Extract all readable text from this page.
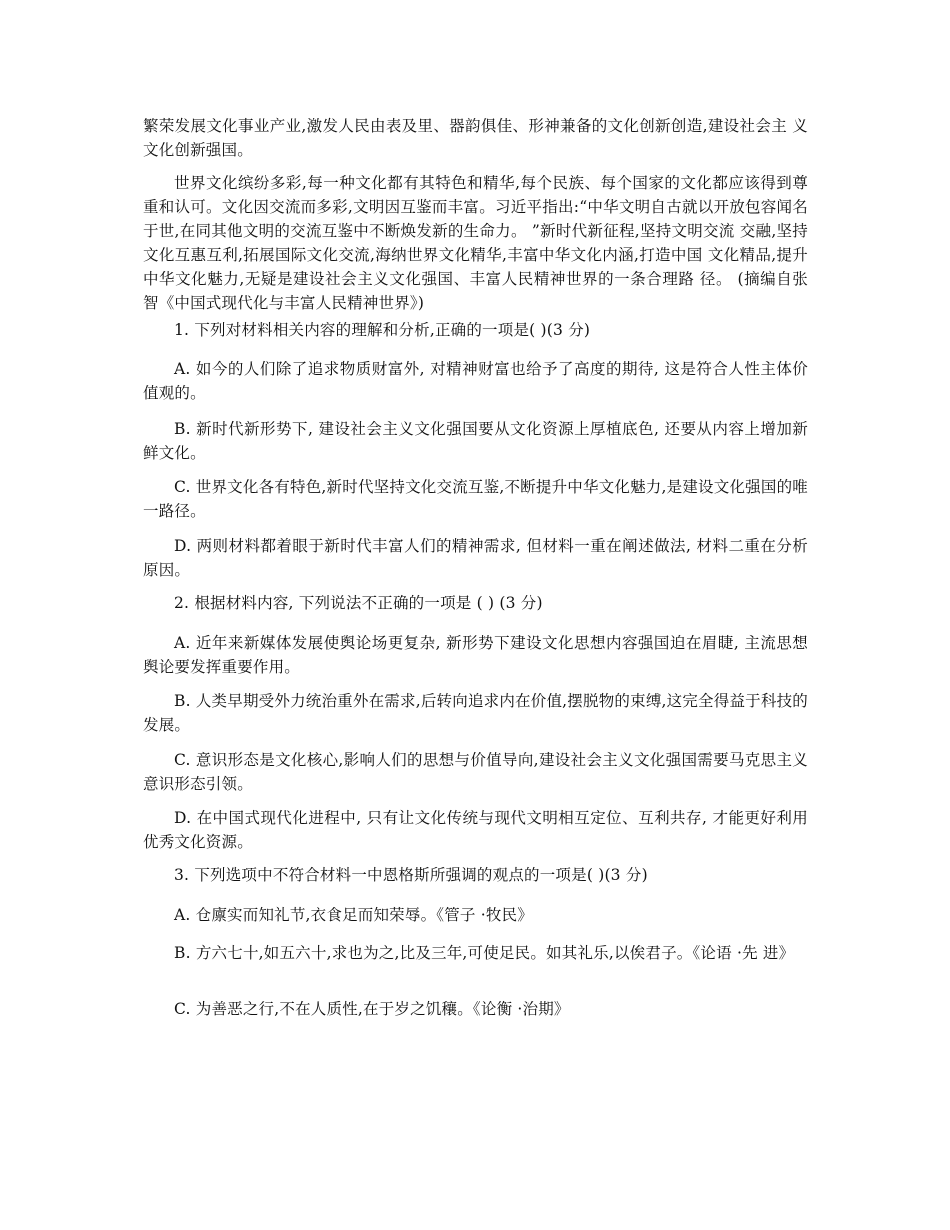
繁荣发展文化事业产业,激发人民由表及里、器韵俱佳、形神兼备的文化创新创造,建设社会主 义文化创新强国。

世界文化缤纷多彩,每一种文化都有其特色和精华,每个民族、每个国家的文化都应该得到尊重和认可。文化因交流而多彩,文明因互鉴而丰富。习近平指出:“中华文明自古就以开放包容闻名于世,在同其他文明的交流互鉴中不断焕发新的生命力。 ”新时代新征程,坚持文明交流 交融,坚持文化互惠互利,拓展国际文化交流,海纳世界文化精华,丰富中华文化内涵,打造中国 文化精品,提升中华文化魅力,无疑是建设社会主义文化强国、丰富人民精神世界的一条合理路 径。 (摘编自张智《中国式现代化与丰富人民精神世界》)

1. 下列对材料相关内容的理解和分析,正确的一项是( )(3 分)

A. 如今的人们除了追求物质财富外, 对精神财富也给予了高度的期待, 这是符合人性主体价值观的。

B. 新时代新形势下, 建设社会主义文化强国要从文化资源上厚植底色, 还要从内容上增加新鲜文化。

C. 世界文化各有特色,新时代坚持文化交流互鉴,不断提升中华文化魅力,是建设文化强国的唯一路径。

D. 两则材料都着眼于新时代丰富人们的精神需求, 但材料一重在阐述做法, 材料二重在分析原因。

2. 根据材料内容, 下列说法不正确的一项是 ( ) (3 分)

A. 近年来新媒体发展使舆论场更复杂, 新形势下建设文化思想内容强国迫在眉睫, 主流思想舆论要发挥重要作用。

B. 人类早期受外力统治重外在需求,后转向追求内在价值,摆脱物的束缚,这完全得益于科技的发展。

C. 意识形态是文化核心,影响人们的思想与价值导向,建设社会主义文化强国需要马克思主义意识形态引领。

D. 在中国式现代化进程中, 只有让文化传统与现代文明相互定位、互利共存, 才能更好利用优秀文化资源。

3. 下列选项中不符合材料一中恩格斯所强调的观点的一项是( )(3 分)

A. 仓廪实而知礼节,衣食足而知荣辱。《管子 ·牧民》

B. 方六七十,如五六十,求也为之,比及三年,可使足民。如其礼乐,以俟君子。《论语 ·先 进》

C. 为善恶之行,不在人质性,在于岁之饥穰。《论衡 ·治期》
